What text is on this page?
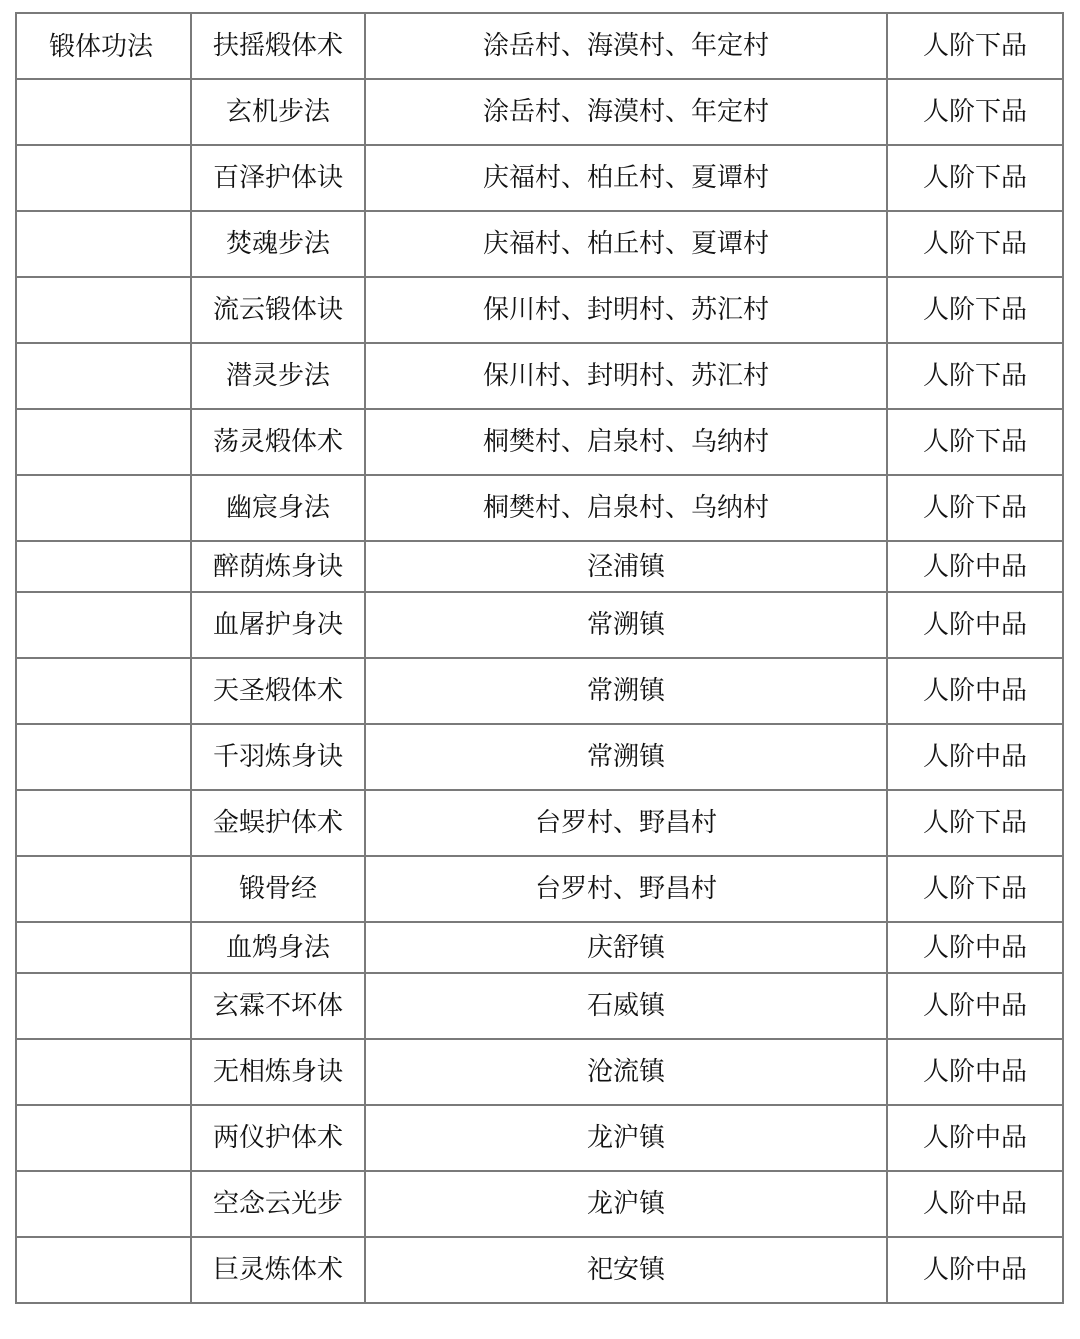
锻体功法	扶摇煅体术	涂岳村、海漠村、年定村	人阶下品
	玄机步法	涂岳村、海漠村、年定村	人阶下品
	百泽护体诀	庆福村、柏丘村、夏谭村	人阶下品
	焚魂步法	庆福村、柏丘村、夏谭村	人阶下品
	流云锻体诀	保川村、封明村、苏汇村	人阶下品
	潜灵步法	保川村、封明村、苏汇村	人阶下品
	荡灵煅体术	桐樊村、启泉村、乌纳村	人阶下品
	幽宸身法	桐樊村、启泉村、乌纳村	人阶下品
	醉荫炼身诀	泾浦镇	人阶中品
	血屠护身决	常溯镇	人阶中品
	天圣煅体术	常溯镇	人阶中品
	千羽炼身诀	常溯镇	人阶中品
	金蜈护体术	台罗村、野昌村	人阶下品
	锻骨经	台罗村、野昌村	人阶下品
	血鸩身法	庆舒镇	人阶中品
	玄霖不坏体	石威镇	人阶中品
	无相炼身诀	沧流镇	人阶中品
	两仪护体术	龙沪镇	人阶中品
	空念云光步	龙沪镇	人阶中品
	巨灵炼体术	祀安镇	人阶中品
